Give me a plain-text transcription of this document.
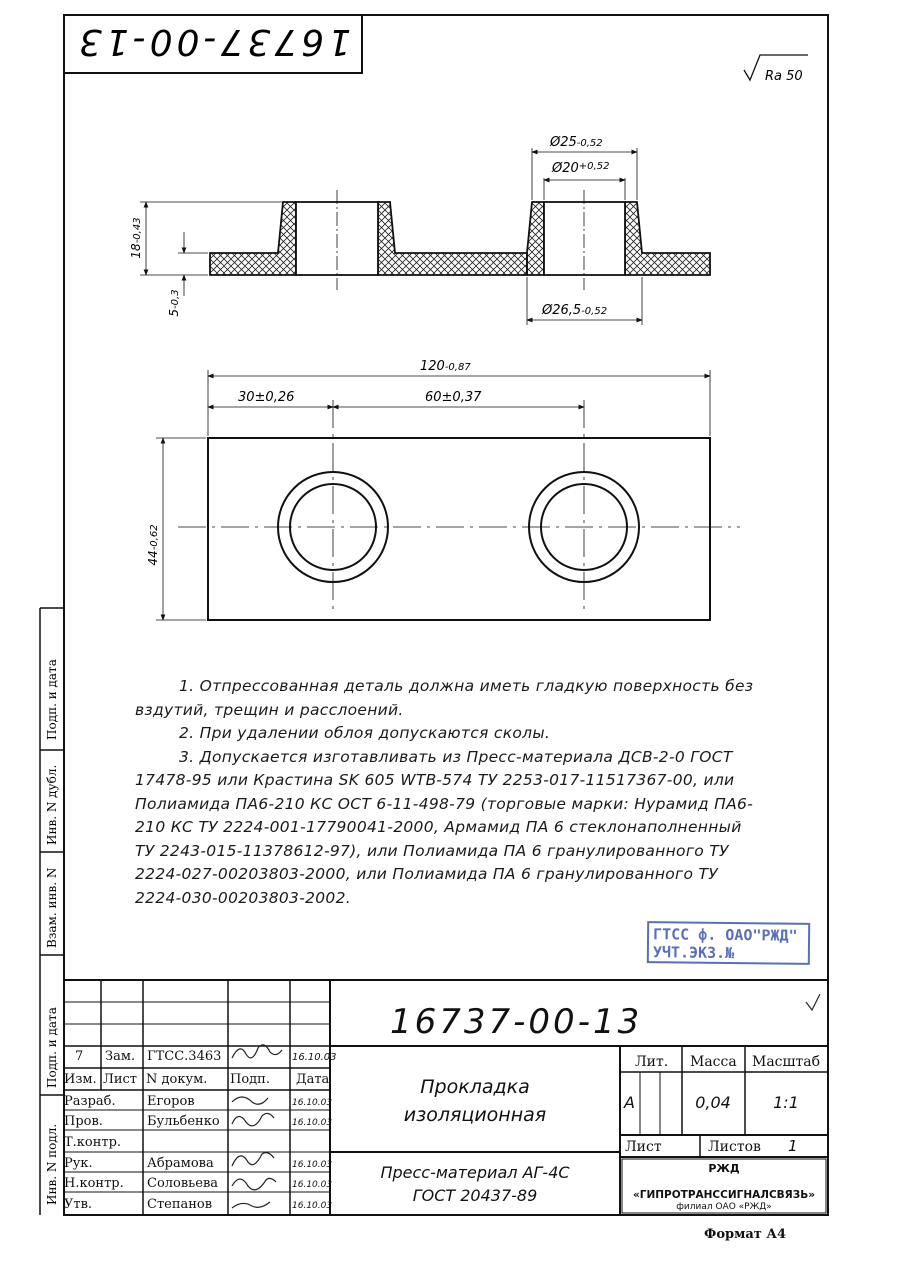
16737-00-13
Ra 50
18-0,43
5-0,3
Ø25-0,52
$Ø20^{+0,52}$
Ø26,5-0,52
120-0,87
30±0,26	60±0,37
44-0,62
Подп. и дата
Инв. N дубл.
Взам. инв. N
Подп. и дата
Инв. N подл.
16737-00-13
Прокладка
изоляционная
Пресс-материал АГ-4С
ГОСТ 20437-89
Лит. Масса Масштаб
А	0,04	1:1
Лист	Листов 1
РЖД
«ГИПРОТРАНССИГНАЛСВЯЗЬ»
филиал ОАО «РЖД»
Формат А4
7 Зам. ГТСС.3463	16.10.03
Изм. Лист N докум. Подп. Дата
Разраб. Егоров	16.10.03
Пров.	Бульбенко	16.10.03
Т.контр.
Рук.	Абрамова	16.10.03
Н.контр. Соловьева	16.10.03
Утв.	Степанов	16.10.03

1. Отпрессованная деталь должна иметь гладкую поверхность без вздутий, трещин и расслоений.

2. При удалении облоя допускаются сколы.

3. Допускается изготавливать из Пресс-материала ДСВ-2-0 ГОСТ 17478-95 или Крастина SK 605 WTB-574 ТУ 2253-017-11517367-00, или Полиамида ПА6-210 КС ОСТ 6-11-498-79 (торговые марки: Нурамид ПА6-210 КС ТУ 2224-001-17790041-2000, Армамид ПА 6 стеклонаполненный ТУ 2243-015-11378612-97), или Полиамида ПА 6 гранулированного ТУ 2224-027-00203803-2000, или Полиамида ПА 6 гранулированного ТУ 2224-030-00203803-2002.

ГТСС ф. ОАО"РЖД"
УЧТ.ЭКЗ.№
